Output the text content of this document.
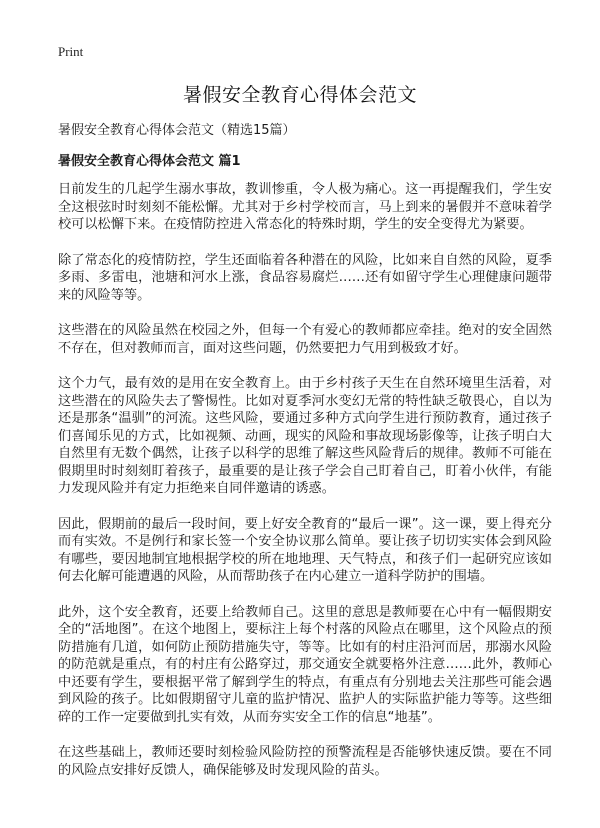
Print
暑假安全教育心得体会范文

暑假安全教育心得体会范文（精选15篇）

暑假安全教育心得体会范文 篇1

日前发生的几起学生溺水事故，教训惨重，令人极为痛心。这一再提醒我们，学生安全这根弦时时刻刻不能松懈。尤其对于乡村学校而言，马上到来的暑假并不意味着学校可以松懈下来。在疫情防控进入常态化的特殊时期，学生的安全变得尤为紧要。

除了常态化的疫情防控，学生还面临着各种潜在的风险，比如来自自然的风险，夏季多雨、多雷电，池塘和河水上涨，食品容易腐烂……还有如留守学生心理健康问题带来的风险等等。

这些潜在的风险虽然在校园之外，但每一个有爱心的教师都应牵挂。绝对的安全固然不存在，但对教师而言，面对这些问题，仍然要把力气用到极致才好。

这个力气，最有效的是用在安全教育上。由于乡村孩子天生在自然环境里生活着，对这些潜在的风险失去了警惕性。比如对夏季河水变幻无常的特性缺乏敬畏心，自以为还是那条“温驯”的河流。这些风险，要通过多种方式向学生进行预防教育，通过孩子们喜闻乐见的方式，比如视频、动画，现实的风险和事故现场影像等，让孩子明白大自然里有无数个偶然，让孩子以科学的思维了解这些风险背后的规律。教师不可能在假期里时时刻刻盯着孩子，最重要的是让孩子学会自己盯着自己，盯着小伙伴，有能力发现风险并有定力拒绝来自同伴邀请的诱惑。

因此，假期前的最后一段时间，要上好安全教育的“最后一课”。这一课，要上得充分而有实效。不是例行和家长签一个安全协议那么简单。要让孩子切切实实体会到风险有哪些，要因地制宜地根据学校的所在地地理、天气特点，和孩子们一起研究应该如何去化解可能遭遇的风险，从而帮助孩子在内心建立一道科学防护的围墙。

此外，这个安全教育，还要上给教师自己。这里的意思是教师要在心中有一幅假期安全的“活地图”。在这个地图上，要标注上每个村落的风险点在哪里，这个风险点的预防措施有几道，如何防止预防措施失守，等等。比如有的村庄沿河而居，那溺水风险的防范就是重点，有的村庄有公路穿过，那交通安全就要格外注意……此外，教师心中还要有学生，要根据平常了解到学生的特点，有重点有分别地去关注那些可能会遇到风险的孩子。比如假期留守儿童的监护情况、监护人的实际监护能力等等。这些细碎的工作一定要做到扎实有效，从而夯实安全工作的信息“地基”。

在这些基础上，教师还要时刻检验风险防控的预警流程是否能够快速反馈。要在不同的风险点安排好反馈人，确保能够及时发现风险的苗头。
